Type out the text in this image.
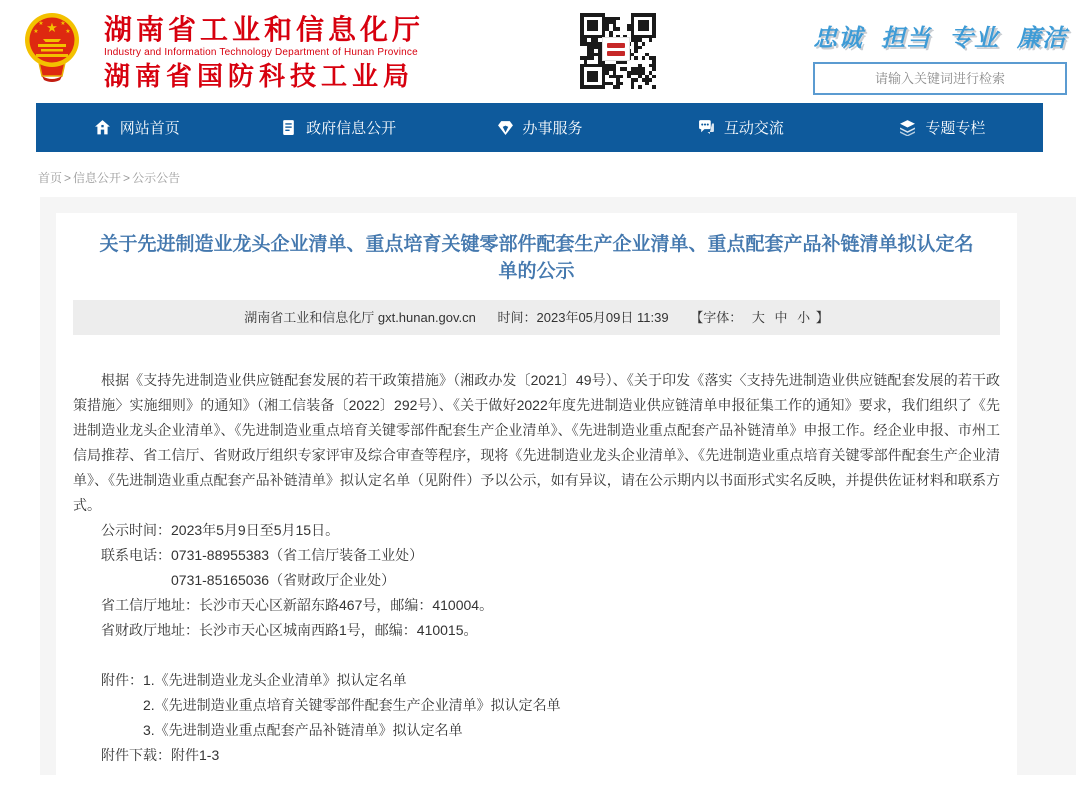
★
★	★
★	★ 湖南省工业和信息化厅
Industry and Information Technology Department of Hunan Province
湖南省国防科技工业局
忠诚 担当 专业 廉洁
请输入关键词进行检索
网站首页	政府信息公开	办事服务	互动交流	专题专栏
首页 > 信息公开 > 公示公告
关于先进制造业龙头企业清单、重点培育关键零部件配套生产企业清单、重点配套产品补链清单拟认定名单的公示
湖南省工业和信息化厅 gxt.hunan.gov.cn 时间：2023年05月09日 11:39 【字体： 大 中 小 】

根据《支持先进制造业供应链配套发展的若干政策措施》（湘政办发〔2021〕49号）、《关于印发《落实〈支持先进制造业供应链配套发展的若干政策措施〉实施细则》的通知》（湘工信装备〔2022〕292号）、《关于做好2022年度先进制造业供应链清单申报征集工作的通知》要求，我们组织了《先进制造业龙头企业清单》、《先进制造业重点培育关键零部件配套生产企业清单》、《先进制造业重点配套产品补链清单》申报工作。经企业申报、市州工信局推荐、省工信厅、省财政厅组织专家评审及综合审查等程序，现将《先进制造业龙头企业清单》、《先进制造业重点培育关键零部件配套生产企业清单》、《先进制造业重点配套产品补链清单》拟认定名单（见附件）予以公示，如有异议，请在公示期内以书面形式实名反映，并提供佐证材料和联系方式。

公示时间：2023年5月9日至5月15日。

联系电话：0731-88955383（省工信厅装备工业处）

0731-85165036（省财政厅企业处）

省工信厅地址：长沙市天心区新韶东路467号，邮编：410004。

省财政厅地址：长沙市天心区城南西路1号，邮编：410015。

附件：1.《先进制造业龙头企业清单》拟认定名单

2.《先进制造业重点培育关键零部件配套生产企业清单》拟认定名单

3.《先进制造业重点配套产品补链清单》拟认定名单

附件下载：附件1-3
